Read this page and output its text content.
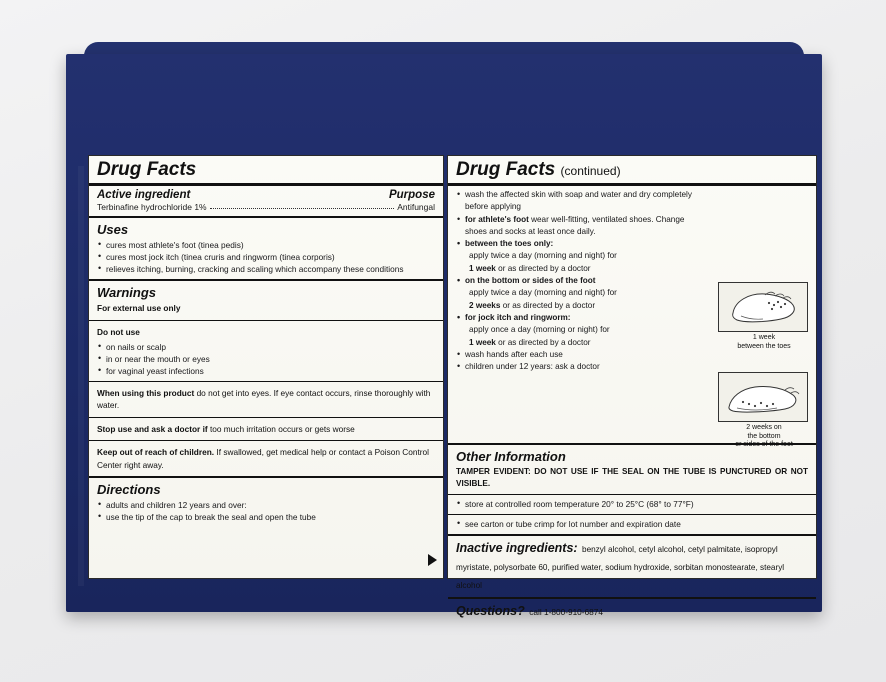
Drug Facts
Active ingredient	Purpose
Terbinafine hydrochloride 1%	Antifungal
Uses
• cures most athlete's foot (tinea pedis)
• cures most jock itch (tinea cruris and ringworm (tinea corporis)
• relieves itching, burning, cracking and scaling which accompany these conditions
Warnings
For external use only
Do not use
• on nails or scalp
• in or near the mouth or eyes
• for vaginal yeast infections
When using this product do not get into eyes. If eye contact occurs, rinse thoroughly with water.
Stop use and ask a doctor if too much irritation occurs or gets worse
Keep out of reach of children. If swallowed, get medical help or contact a Poison Control Center right away.
Directions
• adults and children 12 years and over:
• use the tip of the cap to break the seal and open the tube
Drug Facts (continued)
• wash the affected skin with soap and water and dry completely before applying
• for athlete's foot wear well-fitting, ventilated shoes. Change shoes and socks at least once daily.
• between the toes only:
apply twice a day (morning and night) for
1 week or as directed by a doctor
• on the bottom or sides of the foot
apply twice a day (morning and night) for
2 weeks or as directed by a doctor
• for jock itch and ringworm:
apply once a day (morning or night) for
1 week or as directed by a doctor
• wash hands after each use
• children under 12 years: ask a doctor
1 week
between the toes
2 weeks on
the bottom
or sides of the foot
Other Information
TAMPER EVIDENT: DO NOT USE IF THE SEAL ON THE TUBE IS PUNCTURED OR NOT VISIBLE.
• store at controlled room temperature 20° to 25°C (68° to 77°F)
• see carton or tube crimp for lot number and expiration date
Inactive ingredients: benzyl alcohol, cetyl alcohol, cetyl palmitate, isopropyl myristate, polysorbate 60, purified water, sodium hydroxide, sorbitan monostearate, stearyl alcohol
Questions? call 1-800-910-6874
